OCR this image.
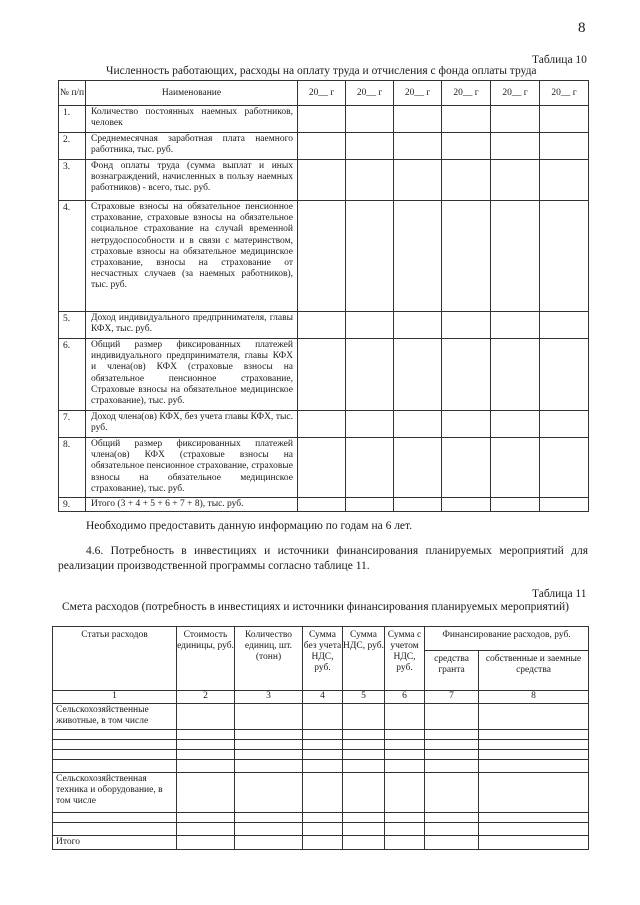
8
Таблица 10
Численность работающих, расходы на оплату труда и отчисления с фонда оплаты труда
№ п/п	Наименование	20__ г	20__ г	20__ г	20__ г	20__ г	20__ г
1.	Количество постоянных наемных работников, человек						
2.	Среднемесячная заработная плата наемного работника, тыс. руб.						
3.	Фонд оплаты труда (сумма выплат и иных вознаграждений, начисленных в пользу наемных работников) - всего, тыс. руб.						
4.	Страховые взносы на обязательное пенсионное страхование, страховые взносы на обязательное социальное страхование на случай временной нетрудоспособности и в связи с материнством, страховые взносы на обязательное медицинское страхование, взносы на страхование от несчастных случаев (за наемных работников), тыс. руб.						
5.	Доход индивидуального предпринимателя, главы КФХ, тыс. руб.						
6.	Общий размер фиксированных платежей индивидуального предпринимателя, главы КФХ и члена(ов) КФХ (страховые взносы на обязательное пенсионное страхование, Страховые взносы на обязательное медицинское страхование), тыс. руб.						
7.	Доход члена(ов) КФХ, без учета главы КФХ, тыс. руб.						
8.	Общий размер фиксированных платежей члена(ов) КФХ (страховые взносы на обязательное пенсионное страхование, страховые взносы на обязательное медицинское страхование), тыс. руб.						
9.	Итого (3 + 4 + 5 + 6 + 7 + 8), тыс. руб.						
Необходимо предоставить данную информацию по годам на 6 лет.
4.6. Потребность в инвестициях и источники финансирования планируемых мероприятий для реализации производственной программы согласно таблице 11.
Таблица 11
Смета расходов (потребность в инвестициях и источники финансирования планируемых мероприятий)
Статьи расходов	Стоимость единицы, руб.	Количество единиц, шт. (тонн)	Сумма без учета НДС, руб.	Сумма НДС, руб.	Сумма с учетом НДС, руб.	Финансирование расходов, руб.	
						средства гранта	собственные и заемные средства
1	2	3	4	5	6	7	8
Сельскохозяйственные животные, в том числе							

Сельскохозяйственная техника и оборудование, в том числе							

Итого							
